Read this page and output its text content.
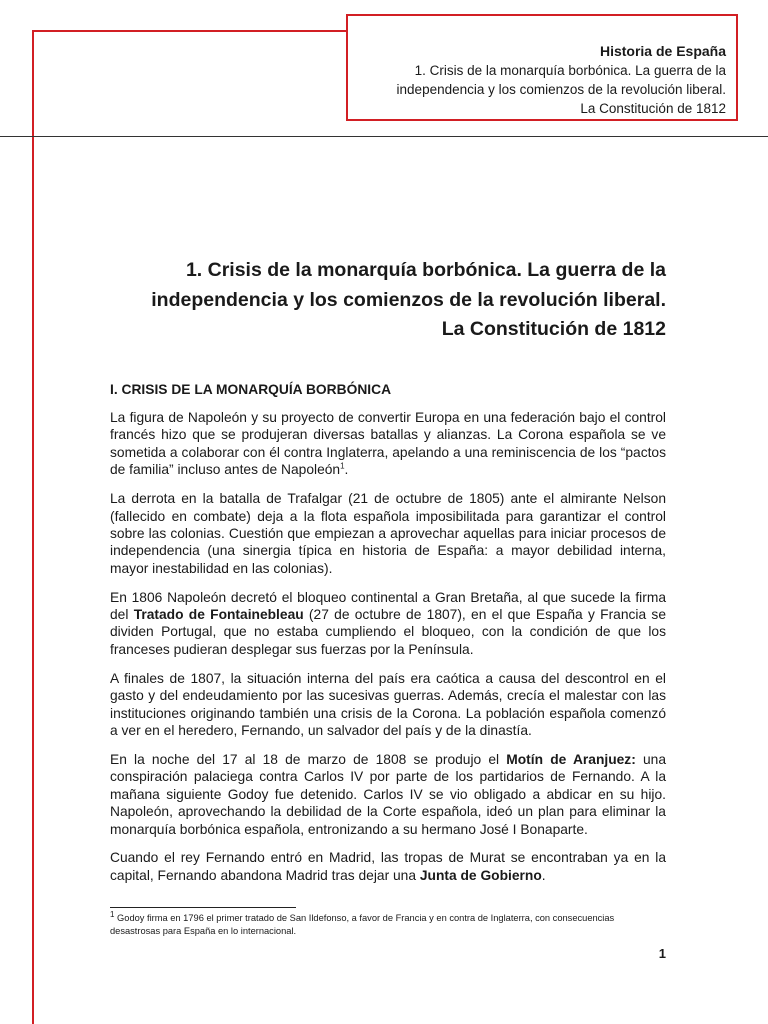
Historia de España
1. Crisis de la monarquía borbónica. La guerra de la
independencia y los comienzos de la revolución liberal.
La Constitución de 1812
1. Crisis de la monarquía borbónica. La guerra de la
independencia y los comienzos de la revolución liberal.
La Constitución de 1812
I. CRISIS DE LA MONARQUÍA BORBÓNICA

La figura de Napoleón y su proyecto de convertir Europa en una federación bajo el control francés hizo que se produjeran diversas batallas y alianzas. La Corona española se ve sometida a colaborar con él contra Inglaterra, apelando a una reminiscencia de los “pactos de familia” incluso antes de Napoleón$^1$.

La derrota en la batalla de Trafalgar (21 de octubre de 1805) ante el almirante Nelson (fallecido en combate) deja a la flota española imposibilitada para garantizar el control sobre las colonias. Cuestión que empiezan a aprovechar aquellas para iniciar procesos de independencia (una sinergia típica en historia de España: a mayor debilidad interna, mayor inestabilidad en las colonias).

En 1806 Napoleón decretó el bloqueo continental a Gran Bretaña, al que sucede la firma del Tratado de Fontainebleau (27 de octubre de 1807), en el que España y Francia se dividen Portugal, que no estaba cumpliendo el bloqueo, con la condición de que los franceses pudieran desplegar sus fuerzas por la Península.

A finales de 1807, la situación interna del país era caótica a causa del descontrol en el gasto y del endeudamiento por las sucesivas guerras. Además, crecía el malestar con las instituciones originando también una crisis de la Corona. La población española comenzó a ver en el heredero, Fernando, un salvador del país y de la dinastía.

En la noche del 17 al 18 de marzo de 1808 se produjo el Motín de Aranjuez: una conspiración palaciega contra Carlos IV por parte de los partidarios de Fernando. A la mañana siguiente Godoy fue detenido. Carlos IV se vio obligado a abdicar en su hijo. Napoleón, aprovechando la debilidad de la Corte española, ideó un plan para eliminar la monarquía borbónica española, entronizando a su hermano José I Bonaparte.

Cuando el rey Fernando entró en Madrid, las tropas de Murat se encontraban ya en la capital, Fernando abandona Madrid tras dejar una Junta de Gobierno.

$^1$ Godoy firma en 1796 el primer tratado de San Ildefonso, a favor de Francia y en contra de Inglaterra, con consecuencias desastrosas para España en lo internacional.
1
